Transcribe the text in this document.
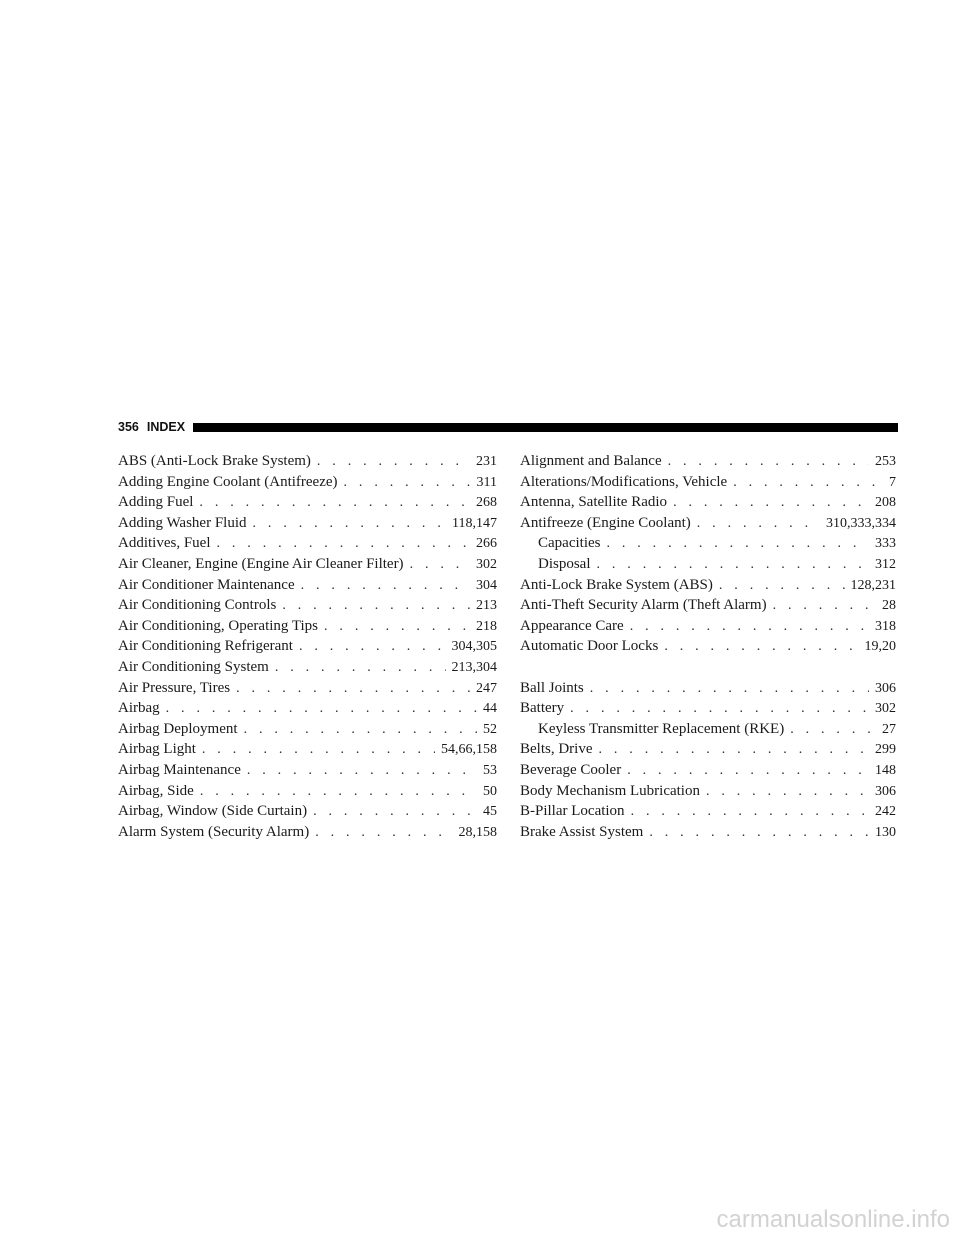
356 INDEX
ABS (Anti-Lock Brake System) . . .	231
Adding Engine Coolant (Antifreeze) . . .	311
Adding Fuel . . .	268
Adding Washer Fluid . . .	118,147
Additives, Fuel . . .	266
Air Cleaner, Engine (Engine Air Cleaner Filter) . . .	302
Air Conditioner Maintenance . . .	304
Air Conditioning Controls . . .	213
Air Conditioning, Operating Tips . . .	218
Air Conditioning Refrigerant . . .	304,305
Air Conditioning System . . .	213,304
Air Pressure, Tires . . .	247
Airbag . . .	44
Airbag Deployment . . .	52
Airbag Light . . .	54,66,158
Airbag Maintenance . . .	53
Airbag, Side . . .	50
Airbag, Window (Side Curtain) . . .	45
Alarm System (Security Alarm) . . .	28,158
Alignment and Balance . . .	253
Alterations/Modifications, Vehicle . . .	7
Antenna, Satellite Radio . . .	208
Antifreeze (Engine Coolant) . . .	310,333,334
Capacities . . .	333
Disposal . . .	312
Anti-Lock Brake System (ABS) . . .	128,231
Anti-Theft Security Alarm (Theft Alarm) . . .	28
Appearance Care . . .	318
Automatic Door Locks . . .	19,20
Ball Joints . . .	306
Battery . . .	302
Keyless Transmitter Replacement (RKE) . . .	27
Belts, Drive . . .	299
Beverage Cooler . . .	148
Body Mechanism Lubrication . . .	306
B-Pillar Location . . .	242
Brake Assist System . . .	130
carmanualsonline.info
